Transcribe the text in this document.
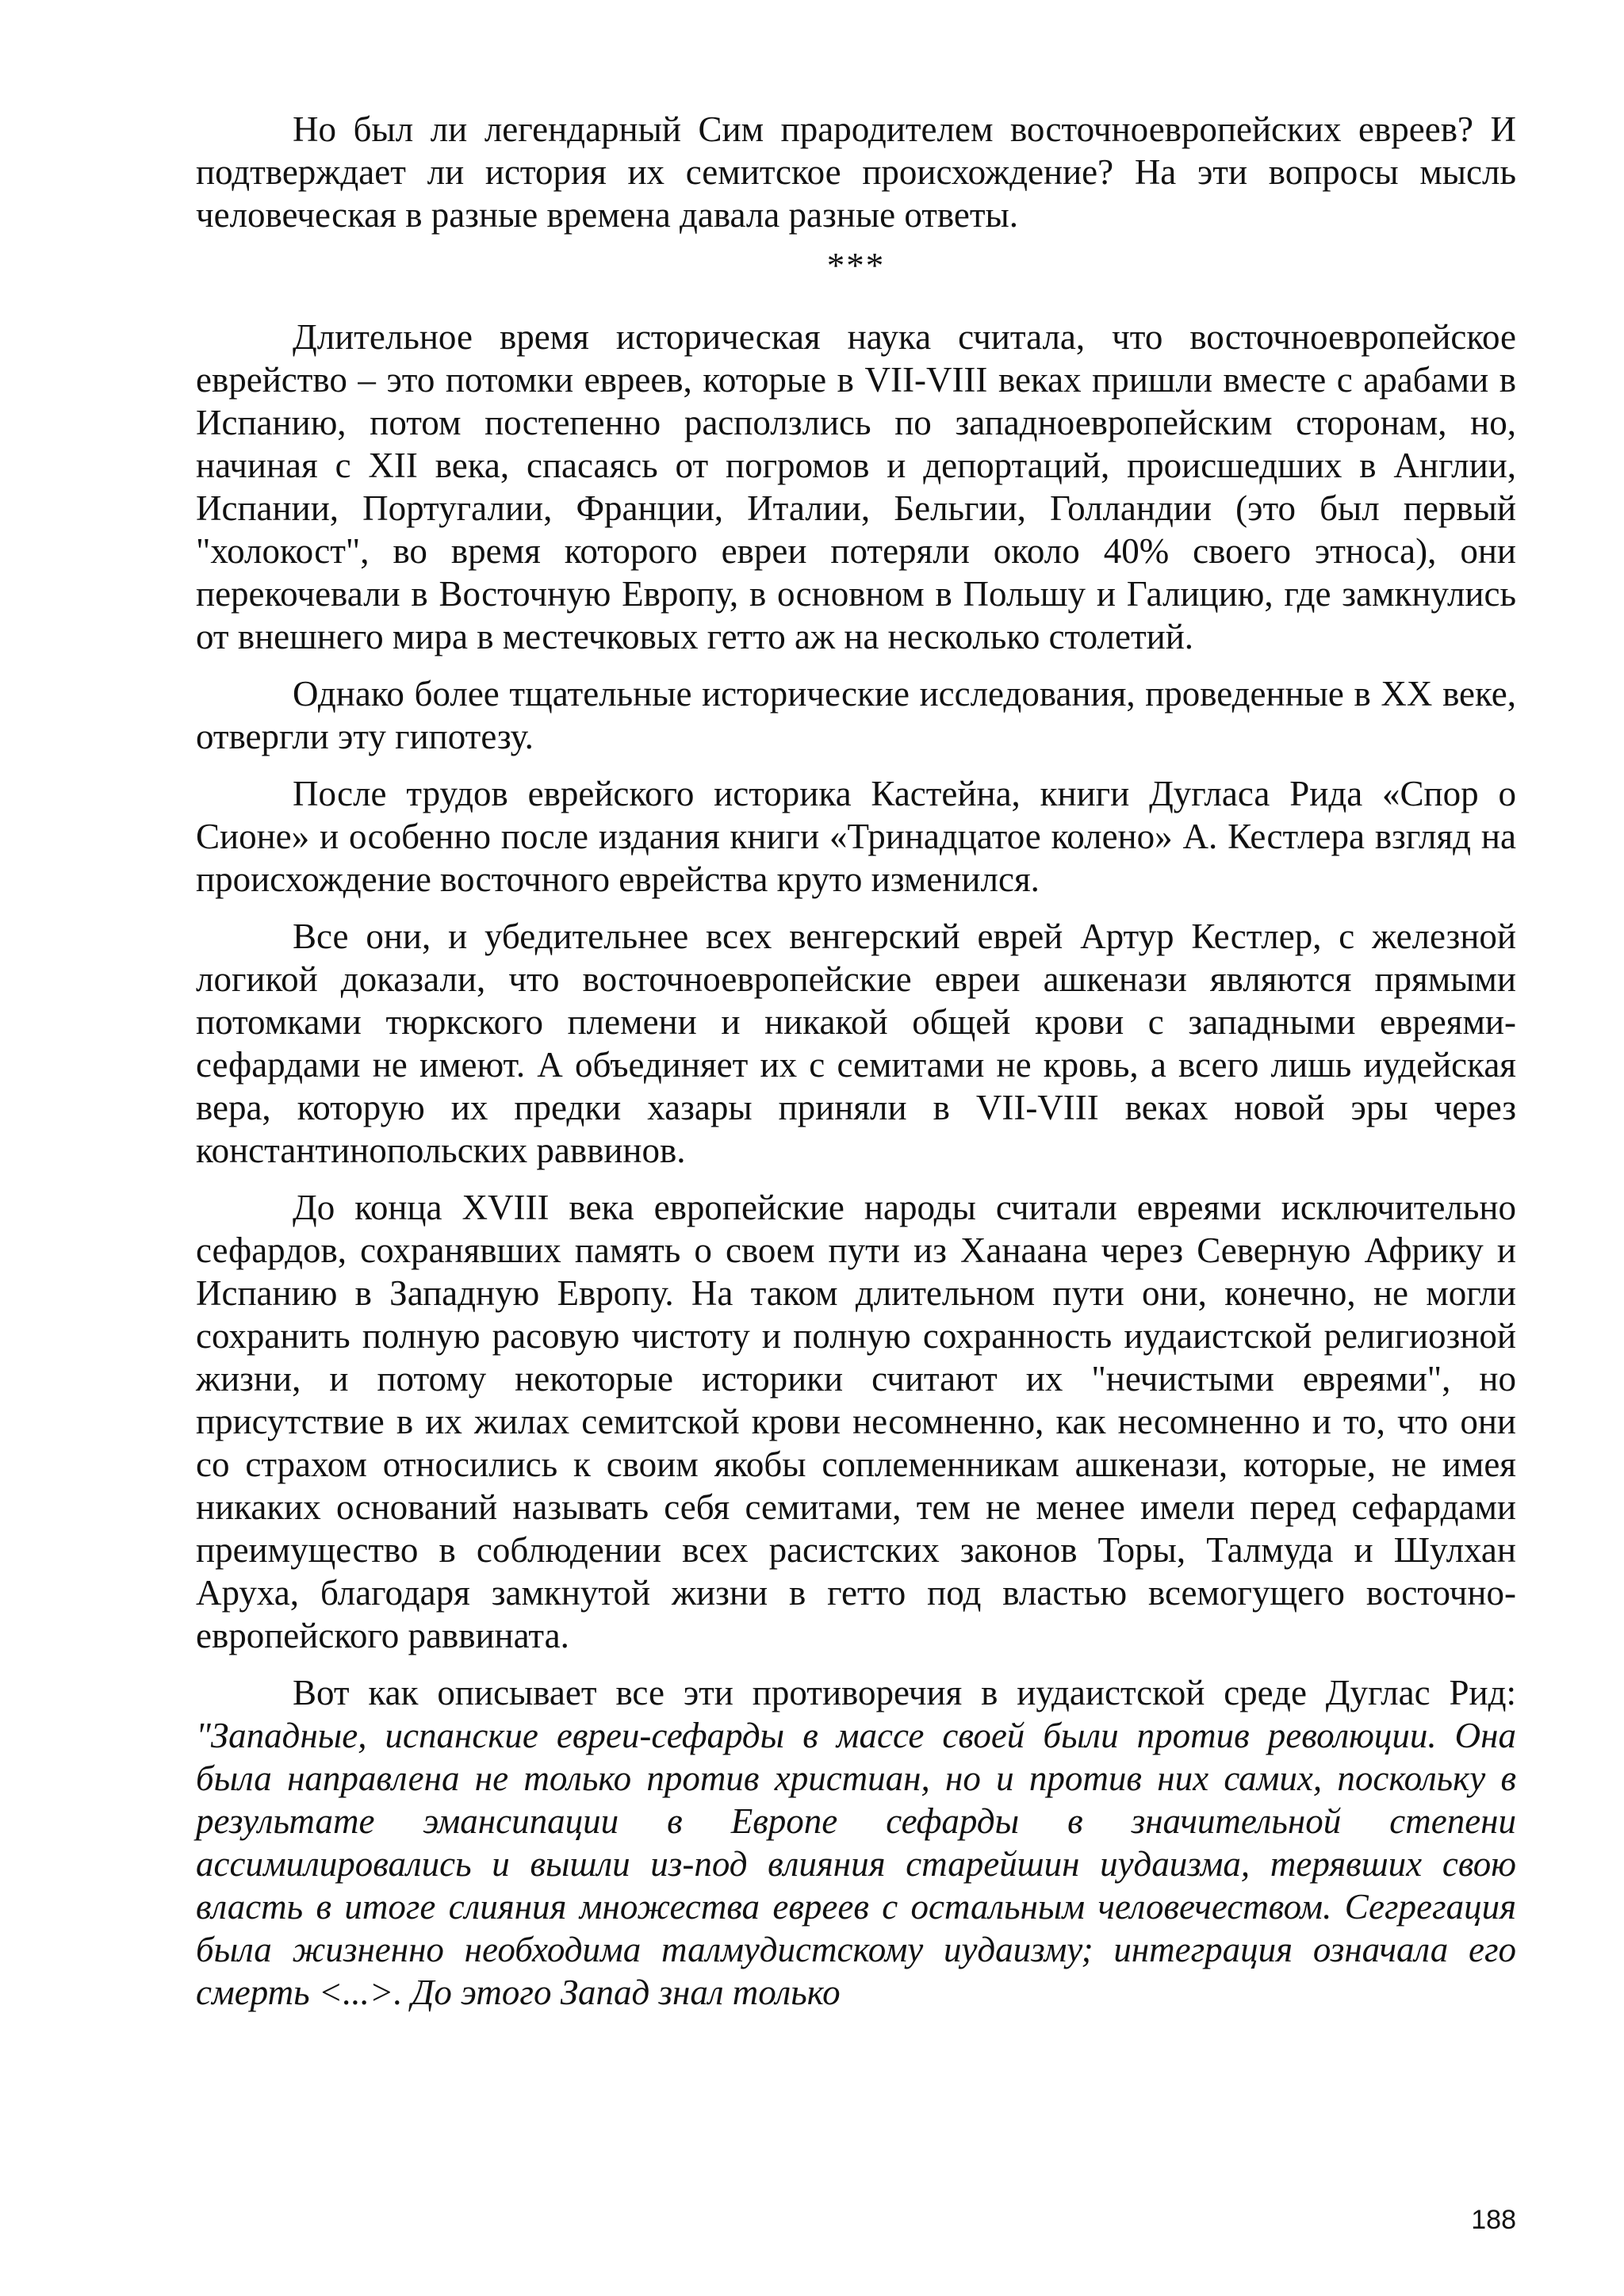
Но был ли легендарный Сим прародителем восточноевропейских евреев? И подтверждает ли история их семитское происхождение? На эти вопросы мысль человеческая в разные времена давала разные ответы.

***

Длительное время историческая наука считала, что восточноевропейское еврейство – это потомки евреев, которые в VII-VIII веках пришли вместе с арабами в Испанию, потом постепенно расползлись по западноевропейским сторонам, но, начиная с XII века, спасаясь от погромов и депортаций, происшедших в Англии, Испании, Португалии, Франции, Италии, Бельгии, Голландии (это был первый "холокост", во время которого евреи потеряли около 40% своего этноса), они перекочевали в Восточную Европу, в основном в Польшу и Галицию, где замкнулись от внешнего мира в местечковых гетто аж на несколько столетий.

Однако более тщательные исторические исследования, проведенные в XX веке, отвергли эту гипотезу.

После трудов еврейского историка Кастейна, книги Дугласа Рида «Спор о Сионе» и особенно после издания книги «Тринадцатое колено» А. Кестлера взгляд на происхождение восточного еврейства круто изменился.

Все они, и убедительнее всех венгерский еврей Артур Кестлер, с железной логикой доказали, что восточноевропейские евреи ашкенази являются прямыми потомками тюркского племени и никакой общей крови с западными евреями-сефардами не имеют. А объединяет их с семитами не кровь, а всего лишь иудейская вера, которую их предки хазары приняли в VII-VIII веках новой эры через константинопольских раввинов.

До конца XVIII века европейские народы считали евреями исключительно сефардов, сохранявших память о своем пути из Ханаана через Северную Африку и Испанию в Западную Европу. На таком длительном пути они, конечно, не могли сохранить полную расовую чистоту и полную сохранность иудаистской религиозной жизни, и потому некоторые историки считают их "нечистыми евреями", но присутствие в их жилах семитской крови несомненно, как несомненно и то, что они со страхом относились к своим якобы соплеменникам ашкенази, которые, не имея никаких оснований называть себя семитами, тем не менее имели перед сефардами преимущество в соблюдении всех расистских законов Торы, Талмуда и Шулхан Аруха, благодаря замкнутой жизни в гетто под властью всемогущего восточно-европейского раввината.

Вот как описывает все эти противоречия в иудаистской среде Дуглас Рид: "Западные, испанские евреи-сефарды в массе своей были против революции. Она была направлена не только против христиан, но и против них самих, поскольку в результате эмансипации в Европе сефарды в значительной степени ассимилировались и вышли из-под влияния старейшин иудаизма, терявших свою власть в итоге слияния множества евреев с остальным человечеством. Сегрегация была жизненно необходима талмудистскому иудаизму; интеграция означала его смерть <...>. До этого Запад знал только

188
